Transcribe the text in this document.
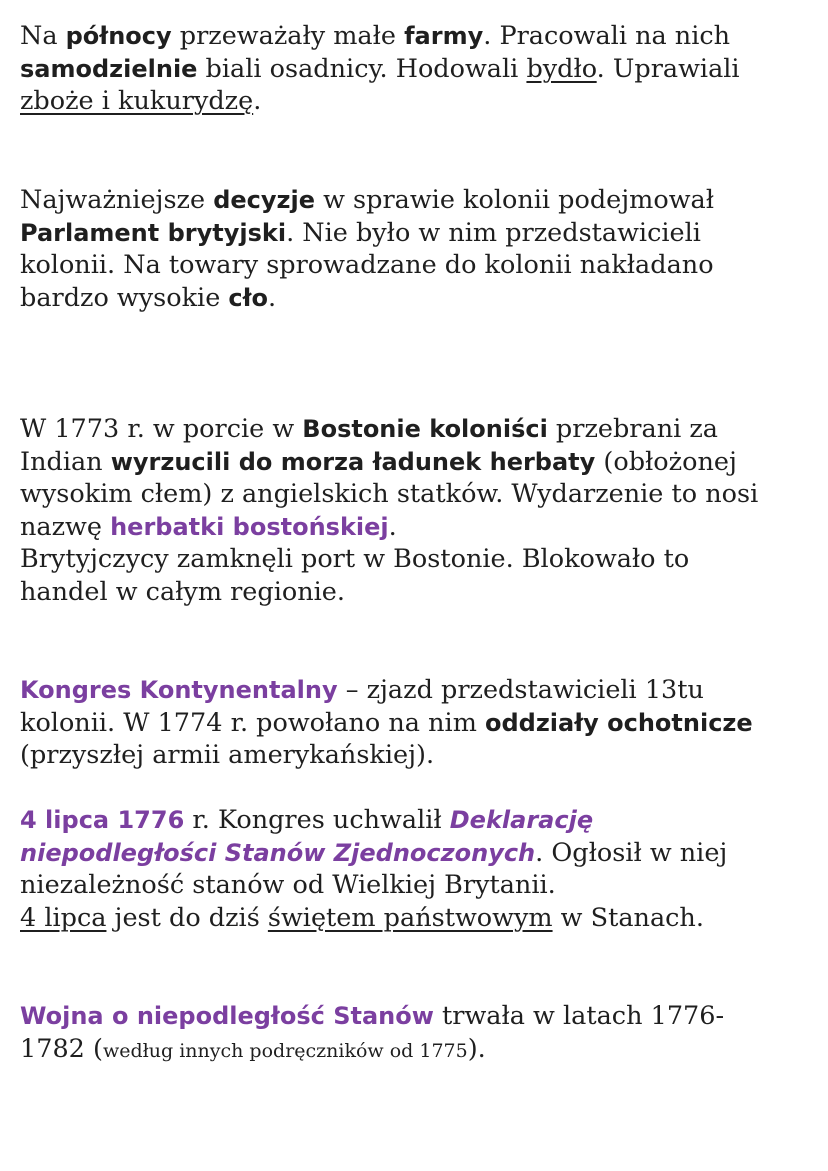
Na północy przeważały małe farmy. Pracowali na nich
samodzielnie biali osadnicy. Hodowali bydło. Uprawiali
zboże i kukurydzę.
Najważniejsze decyzje w sprawie kolonii podejmował
Parlament brytyjski. Nie było w nim przedstawicieli
kolonii. Na towary sprowadzane do kolonii nakładano
bardzo wysokie cło.
W 1773 r. w porcie w Bostonie koloniści przebrani za
Indian wyrzucili do morza ładunek herbaty (obłożonej
wysokim cłem) z angielskich statków. Wydarzenie to nosi
nazwę herbatki bostońskiej.
Brytyjczycy zamknęli port w Bostonie. Blokowało to
handel w całym regionie.
Kongres Kontynentalny – zjazd przedstawicieli 13tu
kolonii. W 1774 r. powołano na nim oddziały ochotnicze
(przyszłej armii amerykańskiej).
4 lipca 1776 r. Kongres uchwalił Deklarację
niepodległości Stanów Zjednoczonych. Ogłosił w niej
niezależność stanów od Wielkiej Brytanii.
4 lipca jest do dziś świętem państwowym w Stanach.
Wojna o niepodległość Stanów trwała w latach 1776-
1782 (według innych podręczników od 1775).
